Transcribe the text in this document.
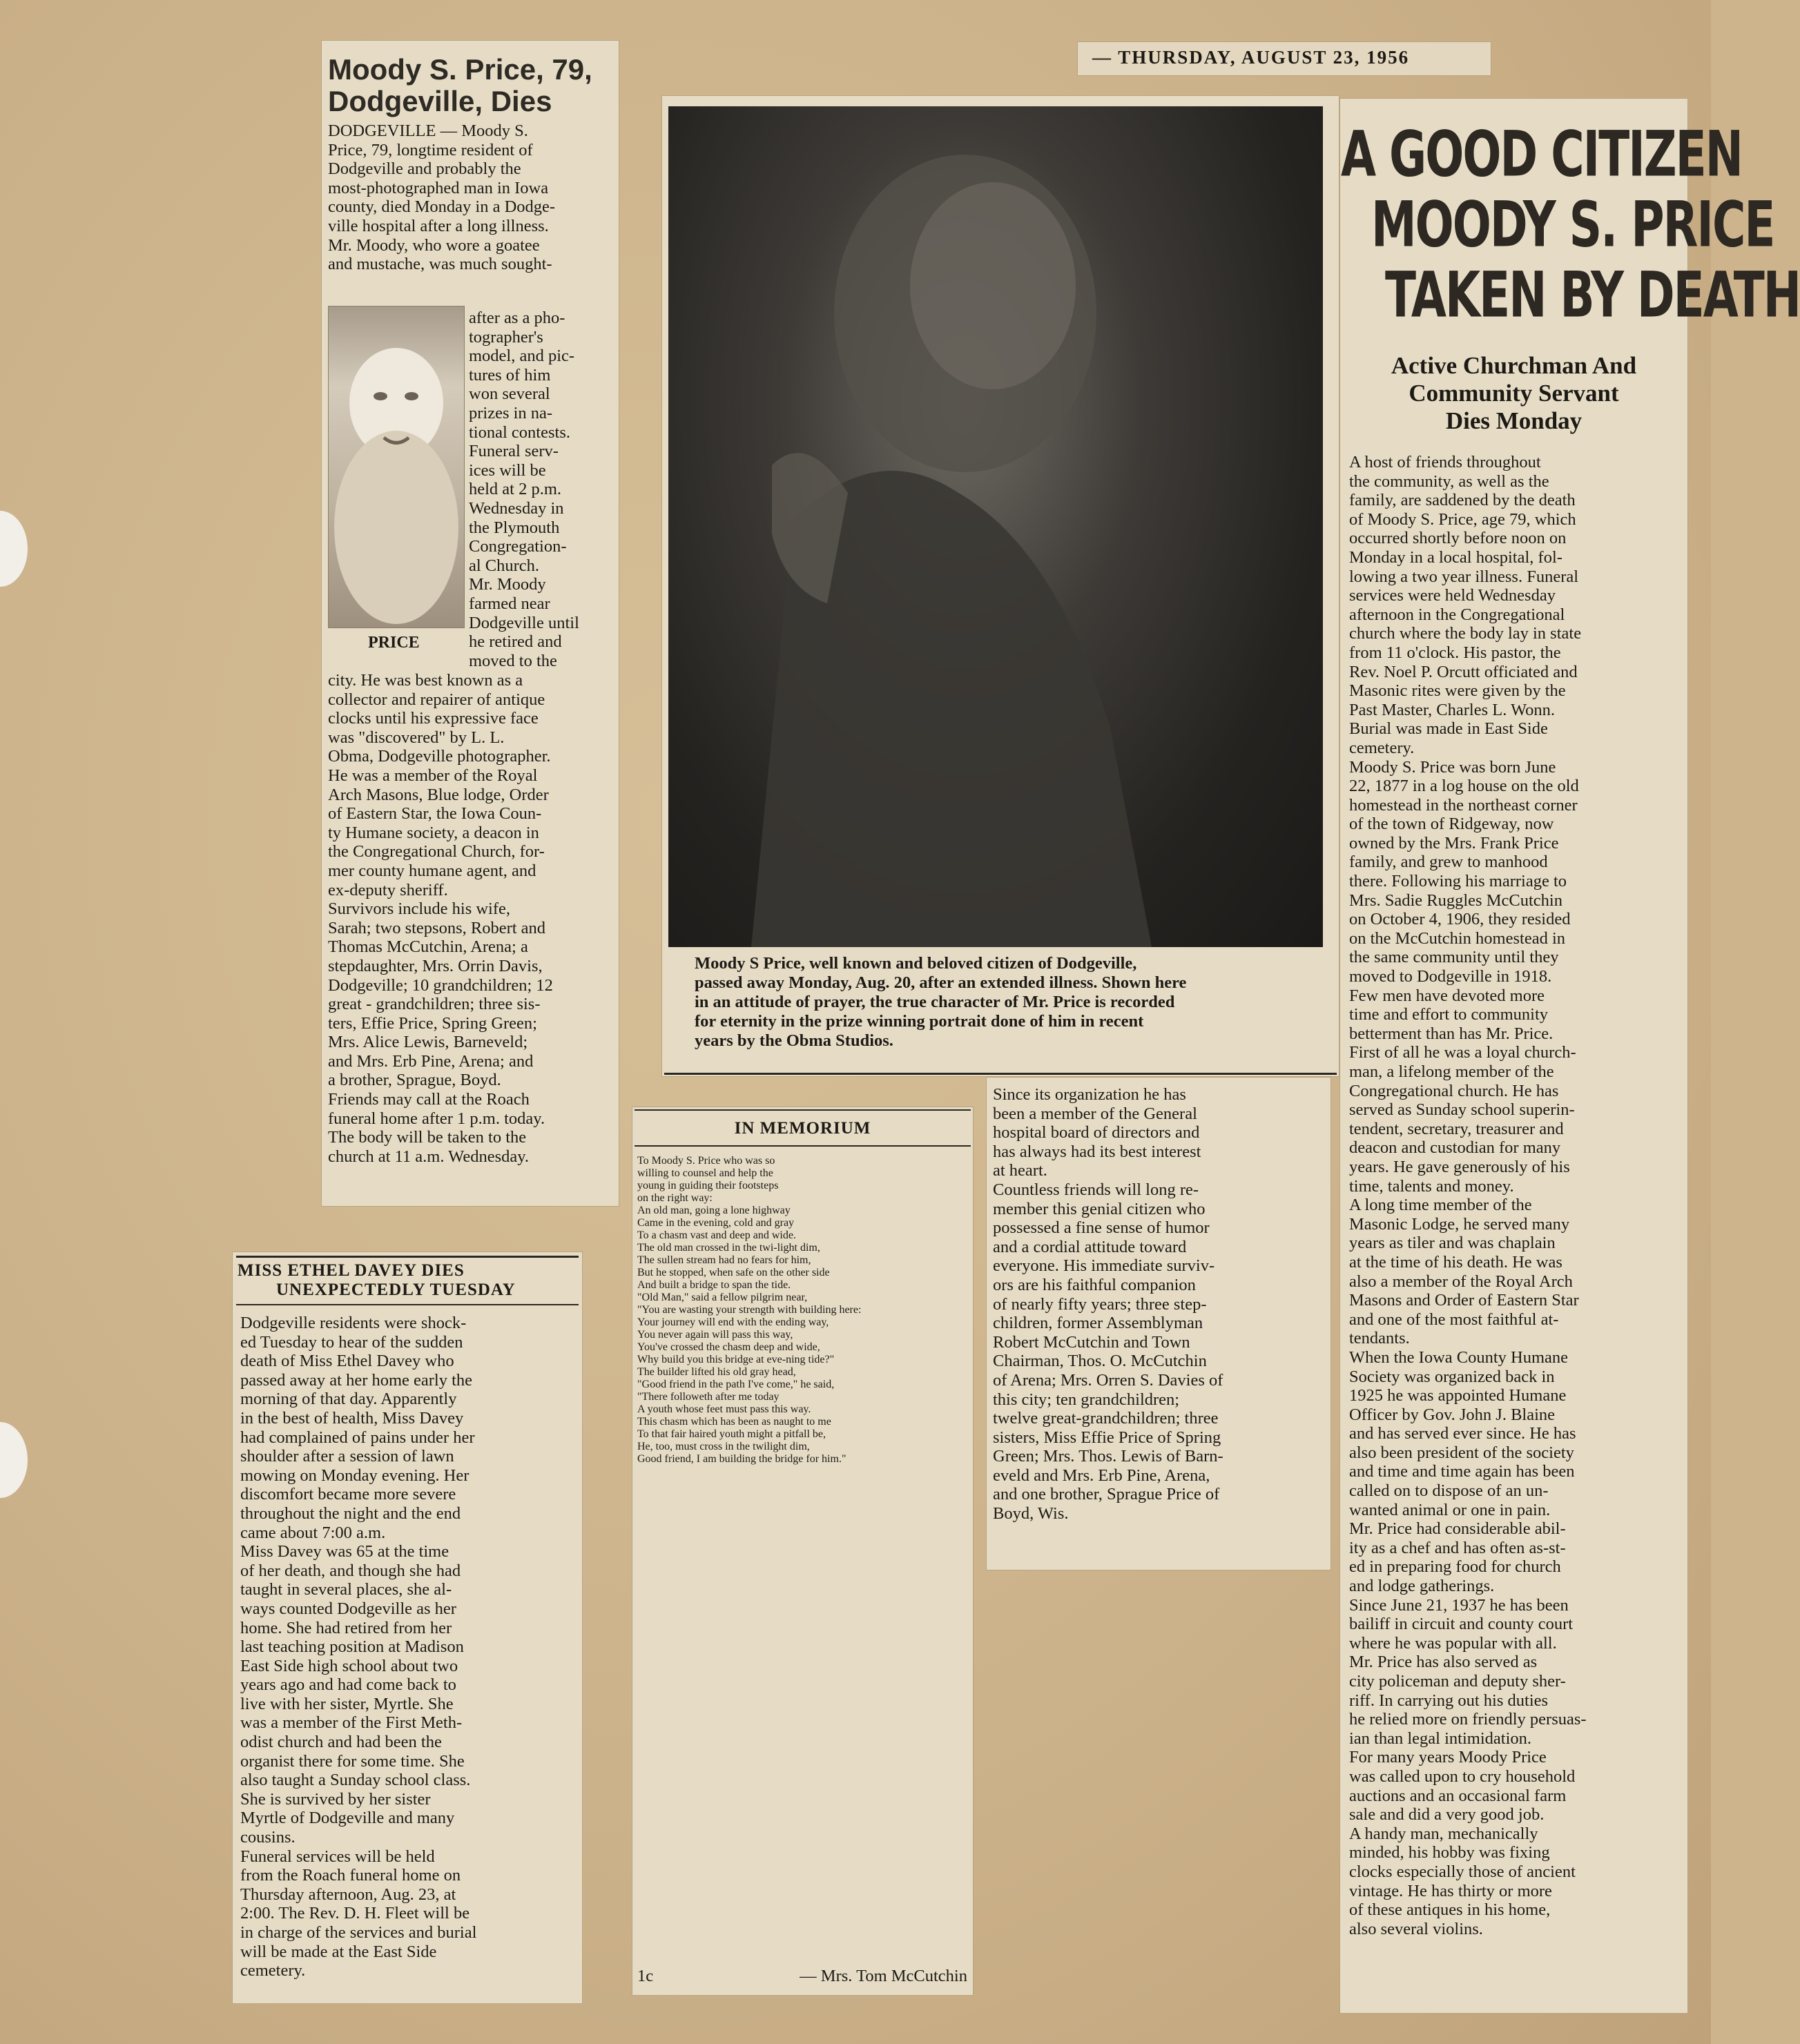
— THURSDAY, AUGUST 23, 1956
Moody S. Price, 79,
Dodgeville, Dies
DODGEVILLE — Moody S.
Price, 79, longtime resident of
Dodgeville and probably the
most-photographed man in Iowa
county, died Monday in a Dodge-
ville hospital after a long illness.
Mr. Moody, who wore a goatee
and mustache, was much sought-
PRICE
after as a pho-
tographer's
model, and pic-
tures of him
won several
prizes in na-
tional contests.
Funeral serv-
ices will be
held at 2 p.m.
Wednesday in
the Plymouth
Congregation-
al Church.
Mr. Moody
farmed near
Dodgeville until
he retired and
moved to the
city. He was best known as a
collector and repairer of antique
clocks until his expressive face
was "discovered" by L. L.
Obma, Dodgeville photographer.
He was a member of the Royal
Arch Masons, Blue lodge, Order
of Eastern Star, the Iowa Coun-
ty Humane society, a deacon in
the Congregational Church, for-
mer county humane agent, and
ex-deputy sheriff.
Survivors include his wife,
Sarah; two stepsons, Robert and
Thomas McCutchin, Arena; a
stepdaughter, Mrs. Orrin Davis,
Dodgeville; 10 grandchildren; 12
great - grandchildren; three sis-
ters, Effie Price, Spring Green;
Mrs. Alice Lewis, Barneveld;
and Mrs. Erb Pine, Arena; and
a brother, Sprague, Boyd.
Friends may call at the Roach
funeral home after 1 p.m. today.
The body will be taken to the
church at 11 a.m. Wednesday.
MISS ETHEL DAVEY DIES
UNEXPECTEDLY TUESDAY
Dodgeville residents were shock-
ed Tuesday to hear of the sudden
death of Miss Ethel Davey who
passed away at her home early the
morning of that day. Apparently
in the best of health, Miss Davey
had complained of pains under her
shoulder after a session of lawn
mowing on Monday evening. Her
discomfort became more severe
throughout the night and the end
came about 7:00 a.m.
Miss Davey was 65 at the time
of her death, and though she had
taught in several places, she al-
ways counted Dodgeville as her
home. She had retired from her
last teaching position at Madison
East Side high school about two
years ago and had come back to
live with her sister, Myrtle. She
was a member of the First Meth-
odist church and had been the
organist there for some time. She
also taught a Sunday school class.
She is survived by her sister
Myrtle of Dodgeville and many
cousins.
Funeral services will be held
from the Roach funeral home on
Thursday afternoon, Aug. 23, at
2:00. The Rev. D. H. Fleet will be
in charge of the services and burial
will be made at the East Side
cemetery.
Moody S Price, well known and beloved citizen of Dodgeville,
passed away Monday, Aug. 20, after an extended illness. Shown here
in an attitude of prayer, the true character of Mr. Price is recorded
for eternity in the prize winning portrait done of him in recent
years by the Obma Studios.
IN MEMORIUM
To Moody S. Price who was so
willing to counsel and help the
young in guiding their footsteps
on the right way:
An old man, going a lone highway
Came in the evening, cold and gray
To a chasm vast and deep and wide.
The old man crossed in the twi-light dim,
The sullen stream had no fears for him,
But he stopped, when safe on the other side
And built a bridge to span the tide.
"Old Man," said a fellow pilgrim near,
"You are wasting your strength with building here:
Your journey will end with the ending way,
You never again will pass this way,
You've crossed the chasm deep and wide,
Why build you this bridge at eve-ning tide?"
The builder lifted his old gray head,
"Good friend in the path I've come," he said,
"There followeth after me today
A youth whose feet must pass this way.
This chasm which has been as naught to me
To that fair haired youth might a pitfall be,
He, too, must cross in the twilight dim,
Good friend, I am building the bridge for him."
1c	— Mrs. Tom McCutchin
Since its organization he has
been a member of the General
hospital board of directors and
has always had its best interest
at heart.
Countless friends will long re-
member this genial citizen who
possessed a fine sense of humor
and a cordial attitude toward
everyone. His immediate surviv-
ors are his faithful companion
of nearly fifty years; three step-
children, former Assemblyman
Robert McCutchin and Town
Chairman, Thos. O. McCutchin
of Arena; Mrs. Orren S. Davies of
this city; ten grandchildren;
twelve great-grandchildren; three
sisters, Miss Effie Price of Spring
Green; Mrs. Thos. Lewis of Barn-
eveld and Mrs. Erb Pine, Arena,
and one brother, Sprague Price of
Boyd, Wis.
A GOOD CITIZEN
MOODY S. PRICE
TAKEN BY DEATH
Active Churchman And
Community Servant
Dies Monday
A host of friends throughout
the community, as well as the
family, are saddened by the death
of Moody S. Price, age 79, which
occurred shortly before noon on
Monday in a local hospital, fol-
lowing a two year illness. Funeral
services were held Wednesday
afternoon in the Congregational
church where the body lay in state
from 11 o'clock. His pastor, the
Rev. Noel P. Orcutt officiated and
Masonic rites were given by the
Past Master, Charles L. Wonn.
Burial was made in East Side
cemetery.
Moody S. Price was born June
22, 1877 in a log house on the old
homestead in the northeast corner
of the town of Ridgeway, now
owned by the Mrs. Frank Price
family, and grew to manhood
there. Following his marriage to
Mrs. Sadie Ruggles McCutchin
on October 4, 1906, they resided
on the McCutchin homestead in
the same community until they
moved to Dodgeville in 1918.
Few men have devoted more
time and effort to community
betterment than has Mr. Price.
First of all he was a loyal church-
man, a lifelong member of the
Congregational church. He has
served as Sunday school superin-
tendent, secretary, treasurer and
deacon and custodian for many
years. He gave generously of his
time, talents and money.
A long time member of the
Masonic Lodge, he served many
years as tiler and was chaplain
at the time of his death. He was
also a member of the Royal Arch
Masons and Order of Eastern Star
and one of the most faithful at-
tendants.
When the Iowa County Humane
Society was organized back in
1925 he was appointed Humane
Officer by Gov. John J. Blaine
and has served ever since. He has
also been president of the society
and time and time again has been
called on to dispose of an un-
wanted animal or one in pain.
Mr. Price had considerable abil-
ity as a chef and has often as-st-
ed in preparing food for church
and lodge gatherings.
Since June 21, 1937 he has been
bailiff in circuit and county court
where he was popular with all.
Mr. Price has also served as
city policeman and deputy sher-
riff. In carrying out his duties
he relied more on friendly persuas-
ian than legal intimidation.
For many years Moody Price
was called upon to cry household
auctions and an occasional farm
sale and did a very good job.
A handy man, mechanically
minded, his hobby was fixing
clocks especially those of ancient
vintage. He has thirty or more
of these antiques in his home,
also several violins.
